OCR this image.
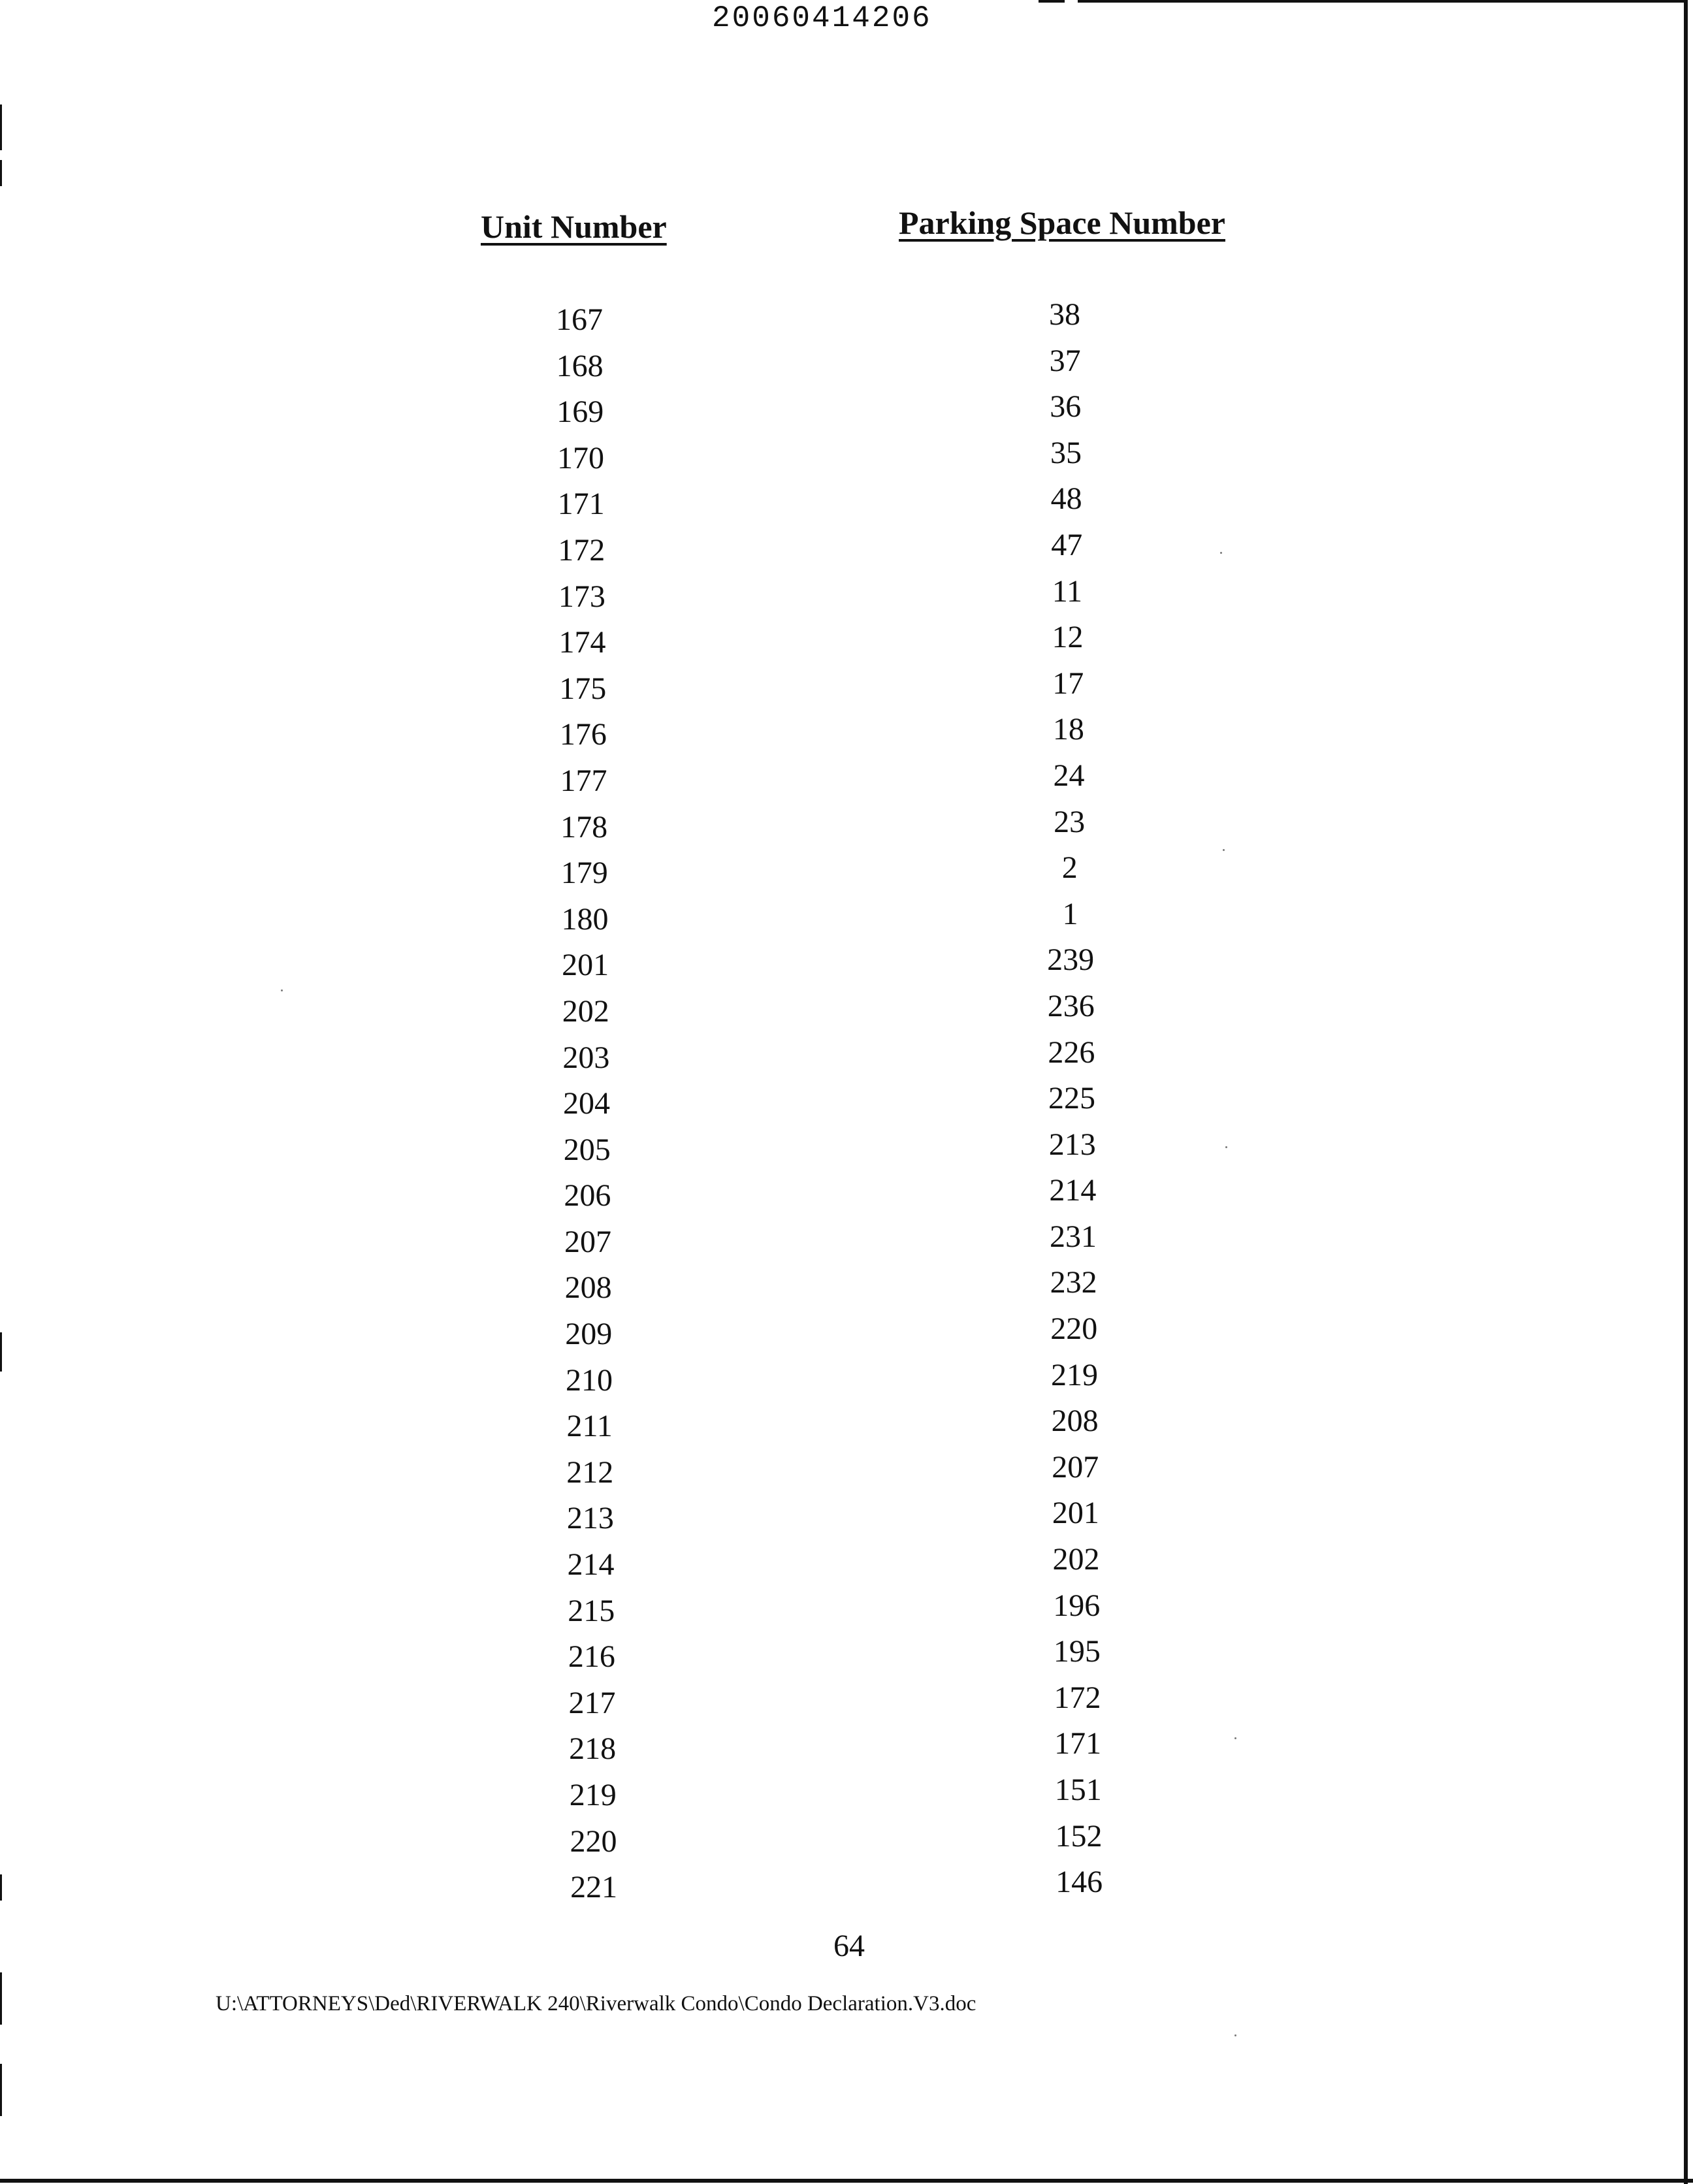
20060414206
Unit Number	Parking Space Number
167	38
168	37
169	36
170	35
171	48
172	47
173	11
174	12
175	17
176	18
177	24
178	23
179	2
180	1
201	239
202	236
203	226
204	225
205	213
206	214
207	231
208	232
209	220
210	219
211	208
212	207
213	201
214	202
215	196
216	195
217	172
218	171
219	151
220	152
221	146
64
U:\ATTORNEYS\Ded\RIVERWALK 240\Riverwalk Condo\Condo Declaration.V3.doc
